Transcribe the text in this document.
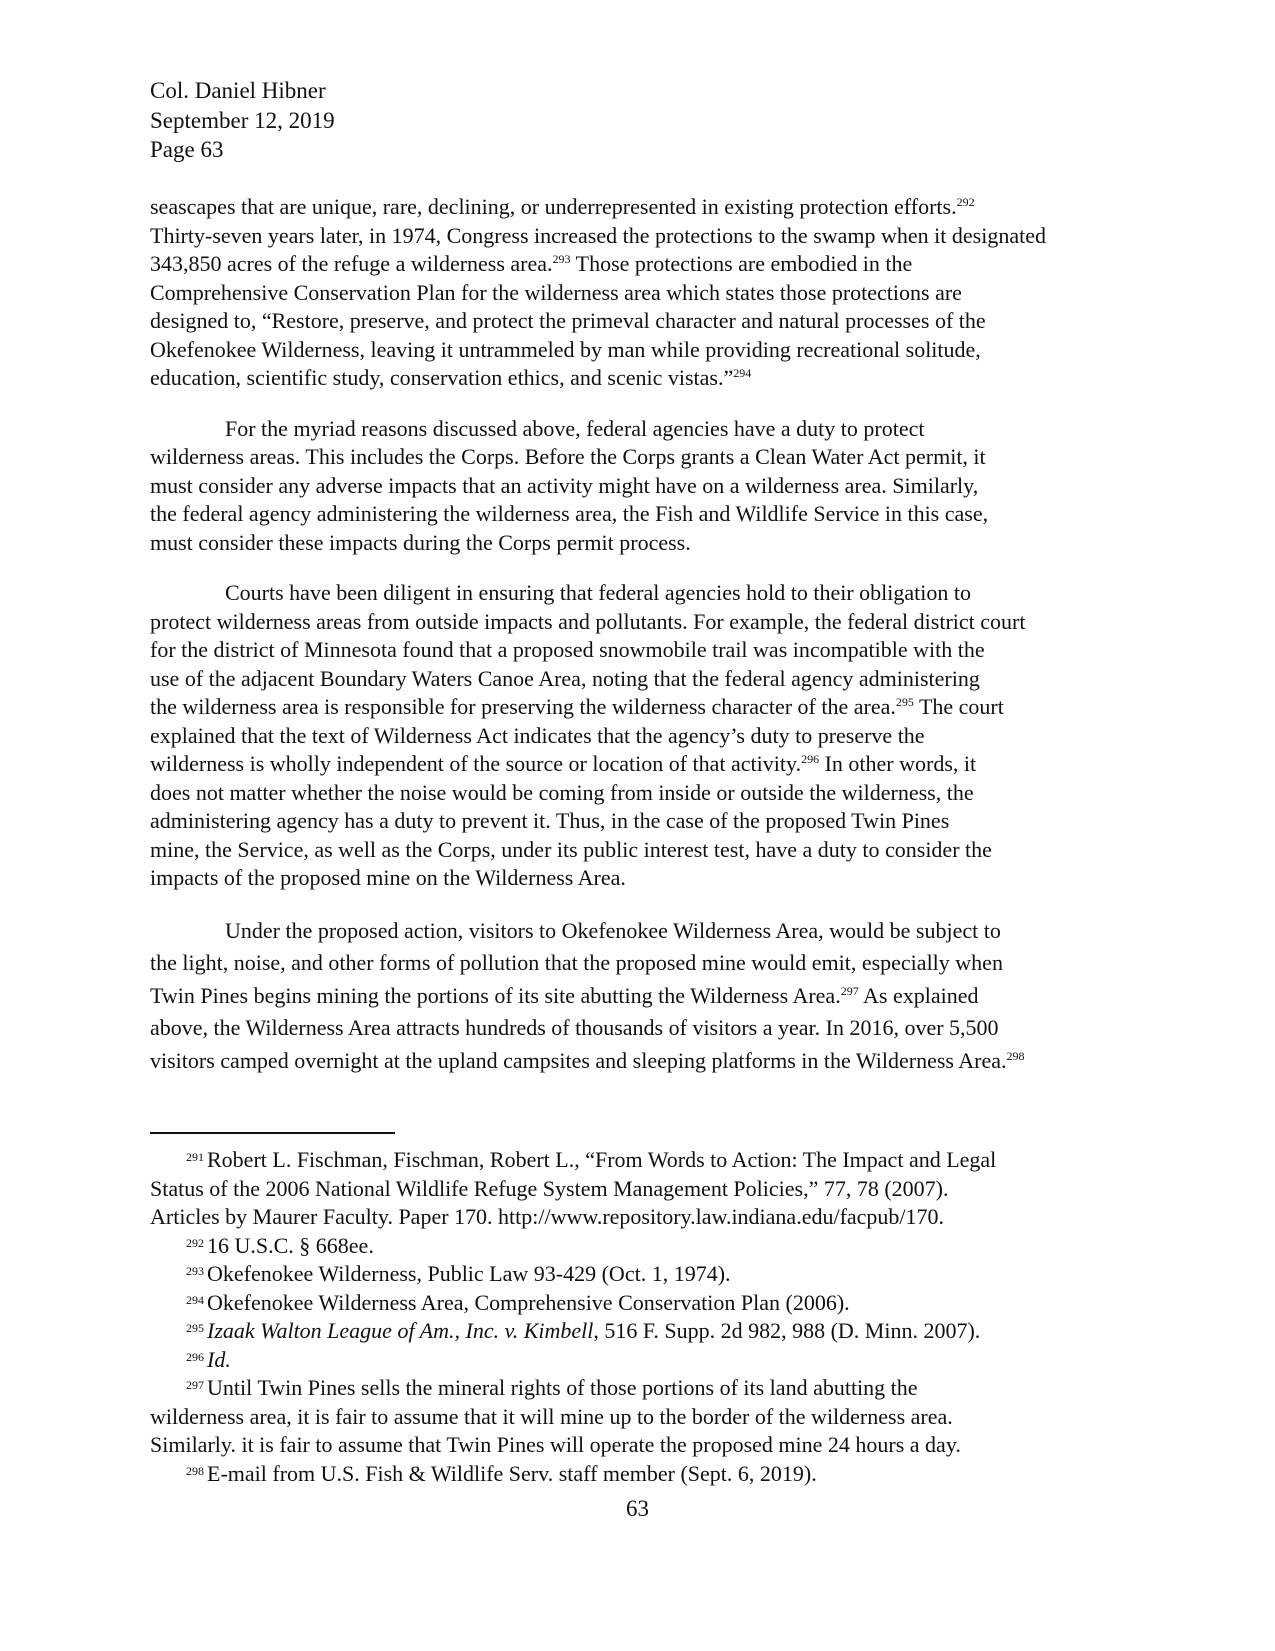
Col. Daniel Hibner
September 12, 2019
Page 63

seascapes that are unique, rare, declining, or underrepresented in existing protection efforts.$^{292}$
Thirty-seven years later, in 1974, Congress increased the protections to the swamp when it designated
343,850 acres of the refuge a wilderness area.$^{293}$ Those protections are embodied in the
Comprehensive Conservation Plan for the wilderness area which states those protections are
designed to, “Restore, preserve, and protect the primeval character and natural processes of the
Okefenokee Wilderness, leaving it untrammeled by man while providing recreational solitude,
education, scientific study, conservation ethics, and scenic vistas.”$^{294}$

For the myriad reasons discussed above, federal agencies have a duty to protect
wilderness areas. This includes the Corps. Before the Corps grants a Clean Water Act permit, it
must consider any adverse impacts that an activity might have on a wilderness area. Similarly,
the federal agency administering the wilderness area, the Fish and Wildlife Service in this case,
must consider these impacts during the Corps permit process.

Courts have been diligent in ensuring that federal agencies hold to their obligation to
protect wilderness areas from outside impacts and pollutants. For example, the federal district court
for the district of Minnesota found that a proposed snowmobile trail was incompatible with the
use of the adjacent Boundary Waters Canoe Area, noting that the federal agency administering
the wilderness area is responsible for preserving the wilderness character of the area.$^{295}$ The court
explained that the text of Wilderness Act indicates that the agency’s duty to preserve the
wilderness is wholly independent of the source or location of that activity.$^{296}$ In other words, it
does not matter whether the noise would be coming from inside or outside the wilderness, the
administering agency has a duty to prevent it. Thus, in the case of the proposed Twin Pines
mine, the Service, as well as the Corps, under its public interest test, have a duty to consider the
impacts of the proposed mine on the Wilderness Area.

Under the proposed action, visitors to Okefenokee Wilderness Area, would be subject to
the light, noise, and other forms of pollution that the proposed mine would emit, especially when
Twin Pines begins mining the portions of its site abutting the Wilderness Area.$^{297}$ As explained
above, the Wilderness Area attracts hundreds of thousands of visitors a year. In 2016, over 5,500
visitors camped overnight at the upland campsites and sleeping platforms in the Wilderness Area.$^{298}$

$^{291}$ Robert L. Fischman, Fischman, Robert L., “From Words to Action: The Impact and Legal
Status of the 2006 National Wildlife Refuge System Management Policies,” 77, 78 (2007).
Articles by Maurer Faculty. Paper 170. http://www.repository.law.indiana.edu/facpub/170.
$^{292}$ 16 U.S.C. § 668ee.
$^{293}$ Okefenokee Wilderness, Public Law 93-429 (Oct. 1, 1974).
$^{294}$ Okefenokee Wilderness Area, Comprehensive Conservation Plan (2006).
$^{295}$ Izaak Walton League of Am., Inc. v. Kimbell, 516 F. Supp. 2d 982, 988 (D. Minn. 2007).
$^{296}$ Id.
$^{297}$ Until Twin Pines sells the mineral rights of those portions of its land abutting the
wilderness area, it is fair to assume that it will mine up to the border of the wilderness area.
Similarly. it is fair to assume that Twin Pines will operate the proposed mine 24 hours a day.
$^{298}$ E-mail from U.S. Fish & Wildlife Serv. staff member (Sept. 6, 2019).
63
